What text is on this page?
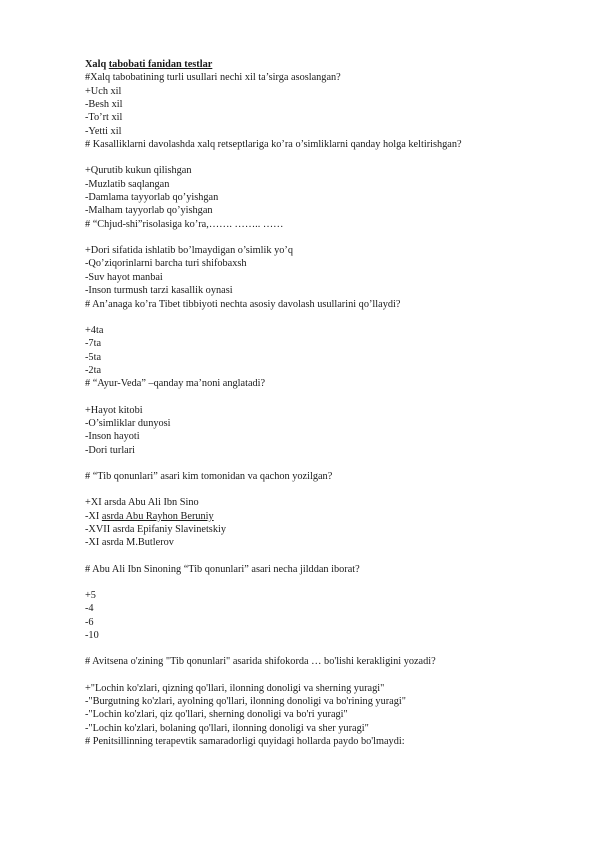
Xalq tabobati fanidan testlar
#Xalq tabobatining turli usullari nechi xil ta’sirga asoslangan?
+Uch xil
-Besh xil
-To’rt xil
-Yetti xil
# Kasalliklarni davolashda xalq retseptlariga ko’ra o’simliklarni qanday holga keltirishgan?
+Qurutib kukun qilishgan
-Muzlatib saqlangan
-Damlama tayyorlab qo’yishgan
-Malham tayyorlab qo’yishgan
# “Chjud-shi”risolasiga ko’ra,……. …….. ……
+Dori sifatida ishlatib bo’lmaydigan o’simlik yo’q
-Qo’ziqorinlarni barcha turi shifobaxsh
-Suv hayot manbai
-Inson turmush tarzi kasallik oynasi
# An’anaga ko’ra Tibet tibbiyoti nechta asosiy davolash usullarini qo’llaydi?
+4ta
-7ta
-5ta
-2ta
# “Ayur-Veda” –qanday ma’noni anglatadi?
+Hayot kitobi
-O’simliklar dunyosi
-Inson hayoti
-Dori turlari
# “Tib qonunlari” asari kim tomonidan va qachon yozilgan?
+XI arsda Abu Ali Ibn Sino
-XI asrda Abu Rayhon Beruniy
-XVII asrda Epifaniy Slavinetskiy
-XI asrda M.Butlerov
# Abu Ali Ibn Sinoning “Tib qonunlari” asari necha jilddan iborat?
+5
-4
-6
-10
# Avitsena o'zining "Tib qonunlari" asarida shifokorda … bo'lishi kerakligini yozadi?
+"Lochin ko'zlari, qizning qo'llari, ilonning donoligi va sherning yuragi"
-"Burgutning ko'zlari, ayolning qo'llari, ilonning donoligi va bo'rining yuragi"
-"Lochin ko'zlari, qiz qo'llari, sherning donoligi va bo'ri yuragi"
-"Lochin ko'zlari, bolaning qo'llari, ilonning donoligi va sher yuragi"
# Penitsillinning terapevtik samaradorligi quyidagi hollarda paydo bo'lmaydi:
